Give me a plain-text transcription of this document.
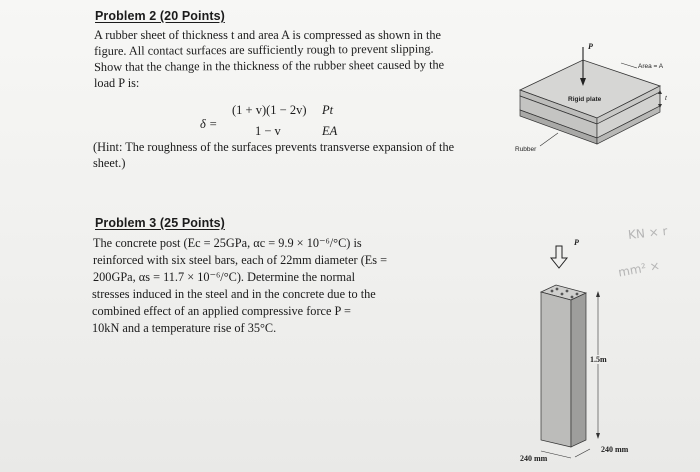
Problem 2 (20 Points)
A rubber sheet of thickness t and area A is compressed as shown in the
figure. All contact surfaces are sufficiently rough to prevent slipping.
Show that the change in the thickness of the rubber sheet caused by the
load P is:
δ =
(1 + v)(1 − 2v)
1 − v
Pt
EA
(Hint: The roughness of the surfaces prevents transverse expansion of the
sheet.)
P
Area = A
Rigid plate
Rubber
t
Problem 3 (25 Points)
The concrete post (Ec = 25GPa, αc = 9.9 × 10⁻⁶/°C) is
reinforced with six steel bars, each of 22mm diameter (Es =
200GPa, αs = 11.7 × 10⁻⁶/°C). Determine the normal
stresses induced in the steel and in the concrete due to the
combined effect of an applied compressive force P =
10kN and a temperature rise of 35°C.
P
1.5m
240 mm
240 mm
KN × r
mm² ×
